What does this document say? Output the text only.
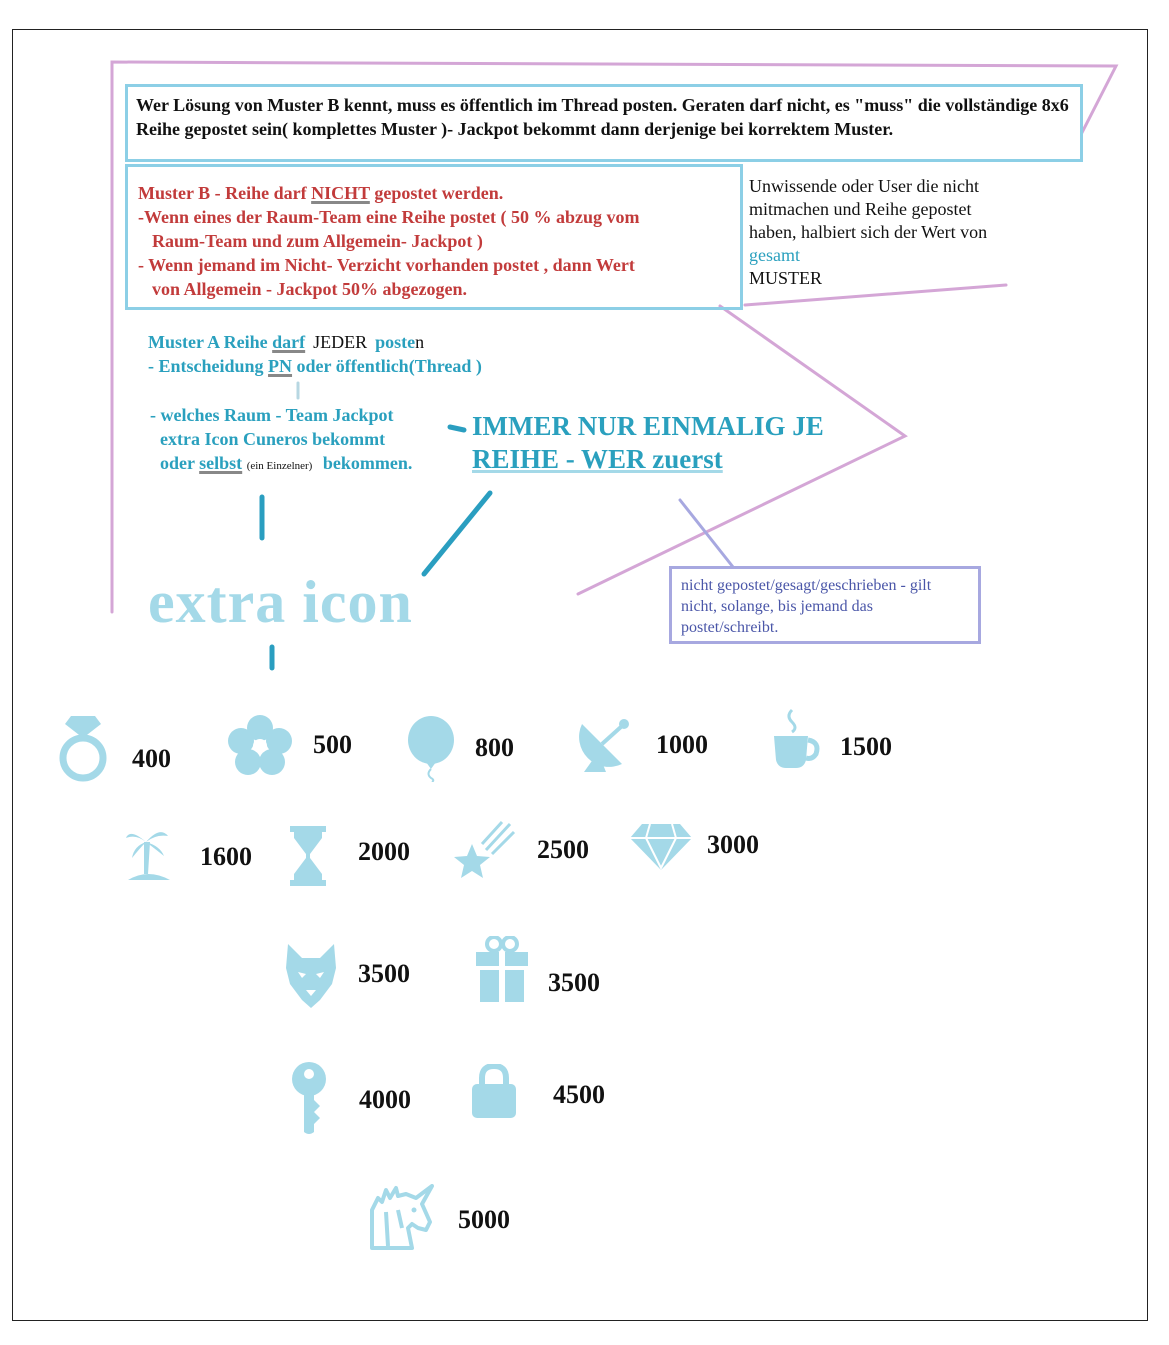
Wer Lösung von Muster B kennt, muss es öffentlich im Thread posten. Geraten darf nicht, es "muss" die vollständige 8x6 Reihe gepostet sein( komplettes Muster )- Jackpot bekommt dann derjenige bei korrektem Muster.
Muster B - Reihe darf NICHT gepostet werden.
-Wenn eines der Raum-Team eine Reihe postet ( 50 % abzug vom
Raum-Team und zum Allgemein- Jackpot )
- Wenn jemand im Nicht- Verzicht vorhanden postet , dann Wert
von Allgemein - Jackpot 50% abgezogen.
Unwissende oder User die nicht mitmachen und Reihe gepostet haben, halbiert sich der Wert von gesamt
MUSTER
Muster A Reihe darf JEDER posten
- Entscheidung PN oder öffentlich(Thread )
- welches Raum - Team Jackpot
extra Icon Cuneros bekommt
oder selbst (ein Einzelner) bekommen.
IMMER NUR EINMALIG JE
REIHE - WER zuerst
extra icon	nicht gepostet/gesagt/geschrieben - gilt nicht, solange, bis jemand das postet/schreibt.
400	500	800	1000	1500
1600	2000	2500	3000
3500	3500
4000	4500
5000
